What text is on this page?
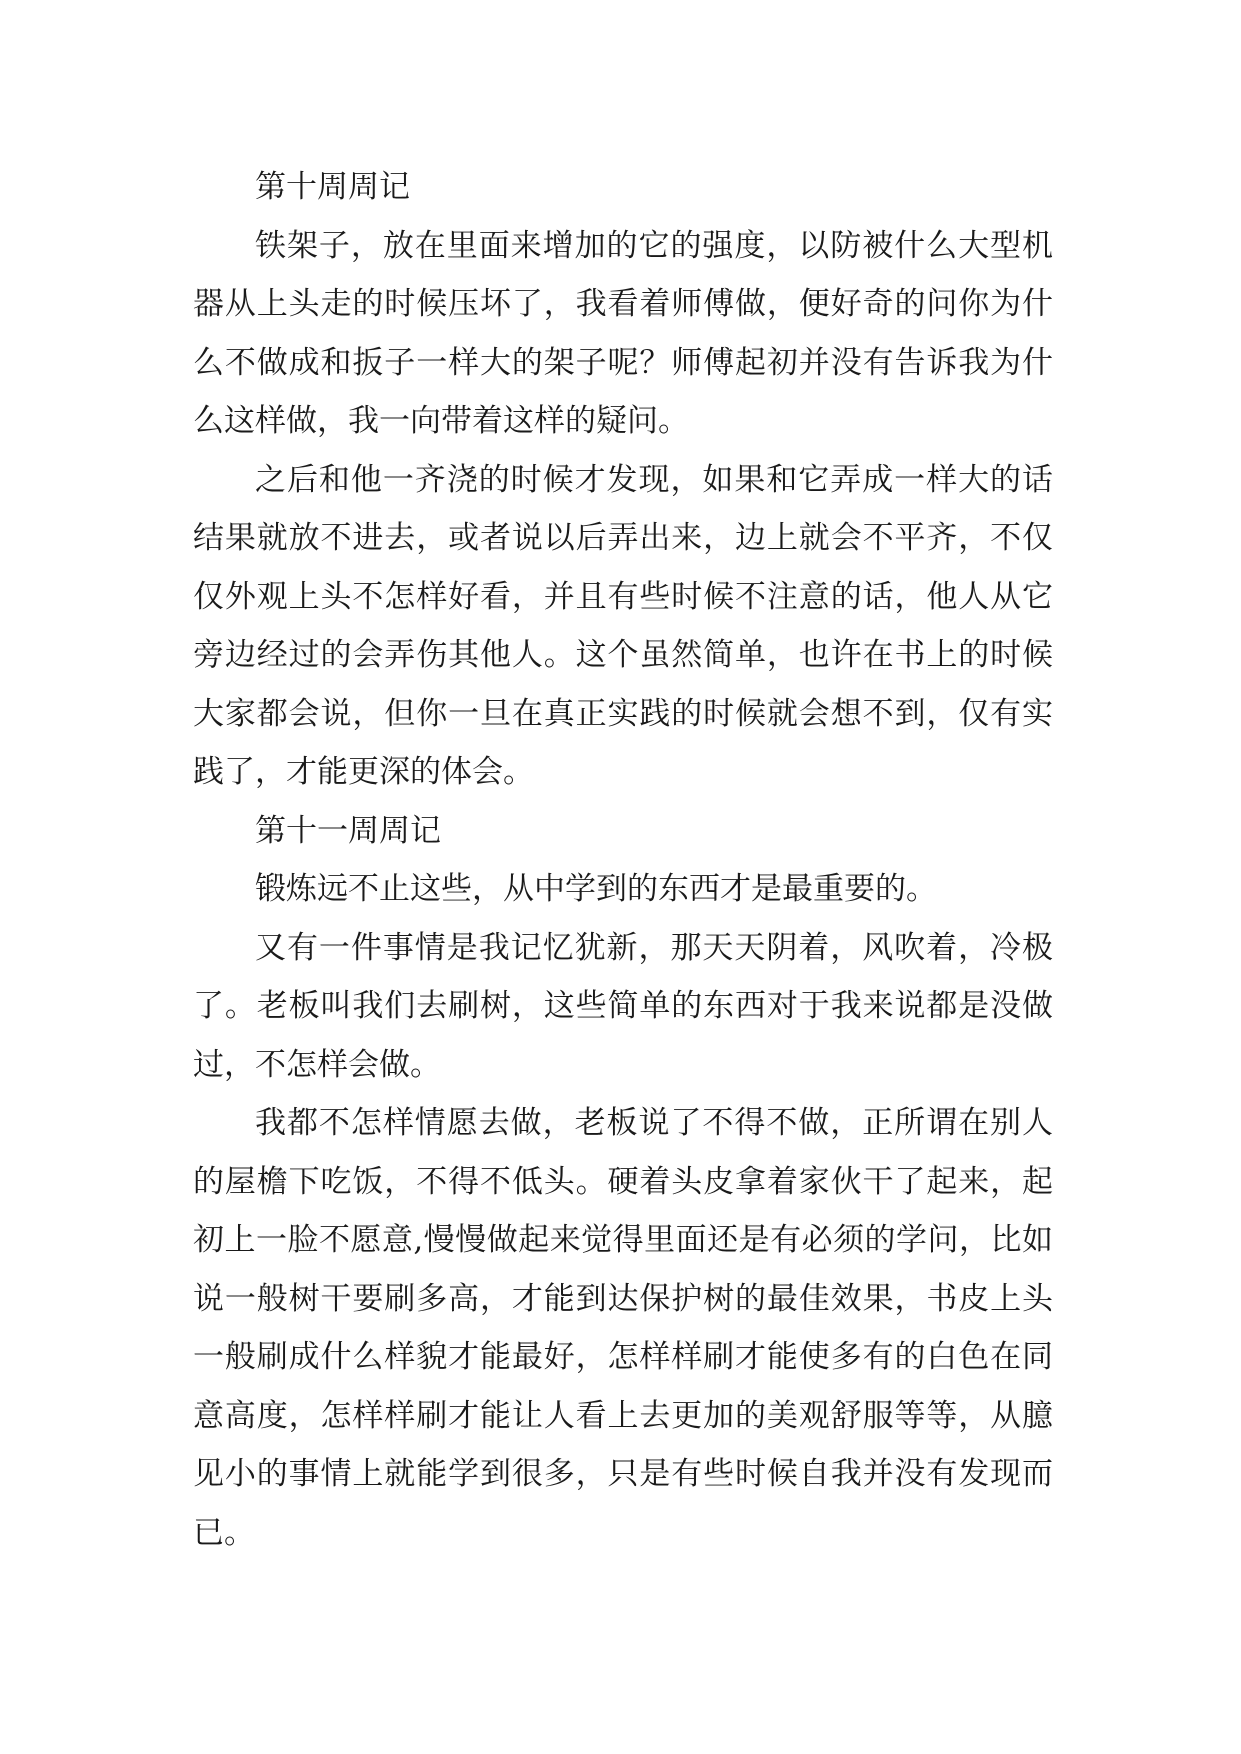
第十周周记

铁架子，放在里面来增加的它的强度，以防被什么大型机器从上头走的时候压坏了，我看着师傅做，便好奇的问你为什么不做成和扳子一样大的架子呢？师傅起初并没有告诉我为什么这样做，我一向带着这样的疑问。

之后和他一齐浇的时候才发现，如果和它弄成一样大的话结果就放不进去，或者说以后弄出来，边上就会不平齐，不仅仅外观上头不怎样好看，并且有些时候不注意的话，他人从它旁边经过的会弄伤其他人。这个虽然简单，也许在书上的时候大家都会说，但你一旦在真正实践的时候就会想不到，仅有实践了，才能更深的体会。

第十一周周记

锻炼远不止这些，从中学到的东西才是最重要的。

又有一件事情是我记忆犹新，那天天阴着，风吹着，冷极了。老板叫我们去刷树，这些简单的东西对于我来说都是没做过，不怎样会做。

我都不怎样情愿去做，老板说了不得不做，正所谓在别人的屋檐下吃饭，不得不低头。硬着头皮拿着家伙干了起来，起初上一脸不愿意,慢慢做起来觉得里面还是有必须的学问，比如说一般树干要刷多高，才能到达保护树的最佳效果，书皮上头一般刷成什么样貌才能最好，怎样样刷才能使多有的白色在同意高度，怎样样刷才能让人看上去更加的美观舒服等等，从臆见小的事情上就能学到很多，只是有些时候自我并没有发现而已。
